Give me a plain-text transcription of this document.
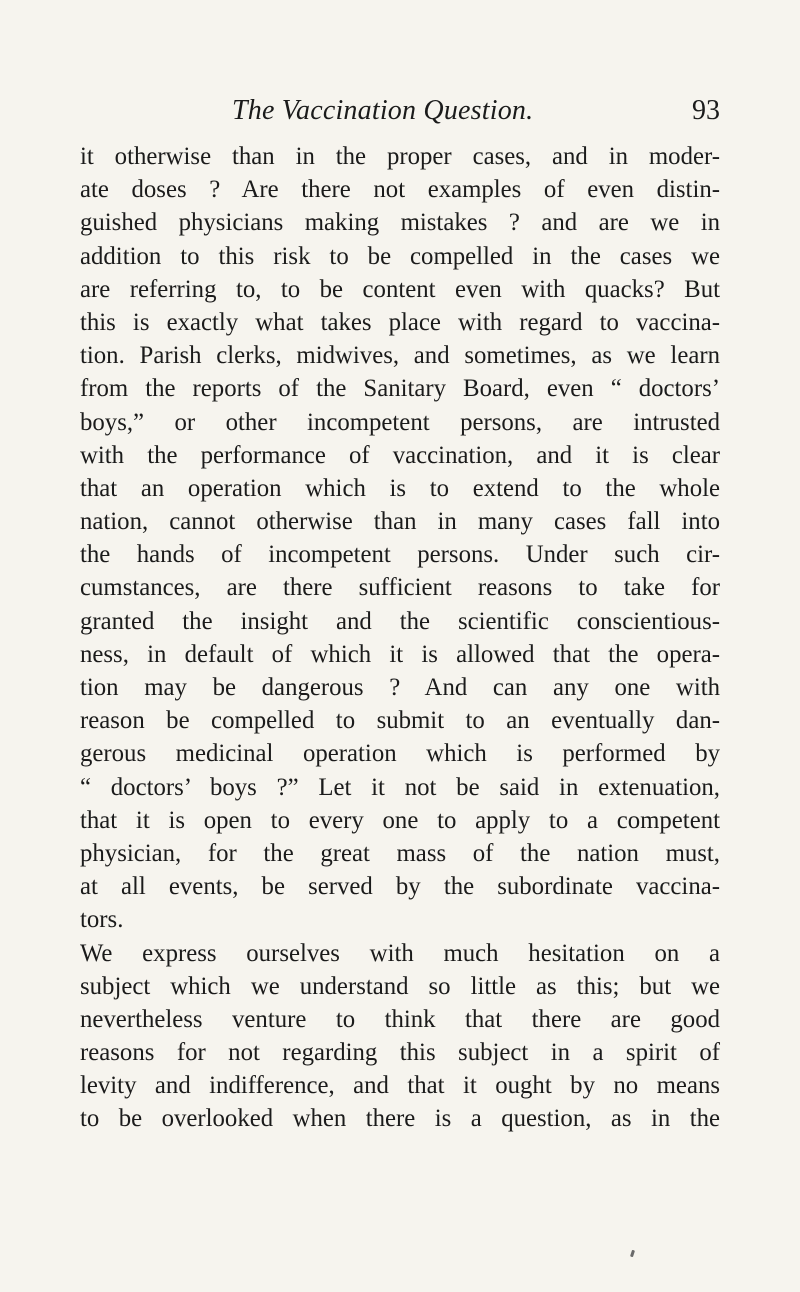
The Vaccination Question.	93
it otherwise than in the proper cases, and in moder-
ate doses ? Are there not examples of even distin-
guished physicians making mistakes ? and are we in
addition to this risk to be compelled in the cases we
are referring to, to be content even with quacks? But
this is exactly what takes place with regard to vaccina-
tion. Parish clerks, midwives, and sometimes, as we learn
from the reports of the Sanitary Board, even “ doctors’
boys,” or other incompetent persons, are intrusted
with the performance of vaccination, and it is clear
that an operation which is to extend to the whole
nation, cannot otherwise than in many cases fall into
the hands of incompetent persons. Under such cir-
cumstances, are there sufficient reasons to take for
granted the insight and the scientific conscientious-
ness, in default of which it is allowed that the opera-
tion may be dangerous ? And can any one with
reason be compelled to submit to an eventually dan-
gerous medicinal operation which is performed by
“ doctors’ boys ?” Let it not be said in extenuation,
that it is open to every one to apply to a competent
physician, for the great mass of the nation must,
at all events, be served by the subordinate vaccina-
tors.
We express ourselves with much hesitation on a
subject which we understand so little as this; but we
nevertheless venture to think that there are good
reasons for not regarding this subject in a spirit of
levity and indifference, and that it ought by no means
to be overlooked when there is a question, as in the
